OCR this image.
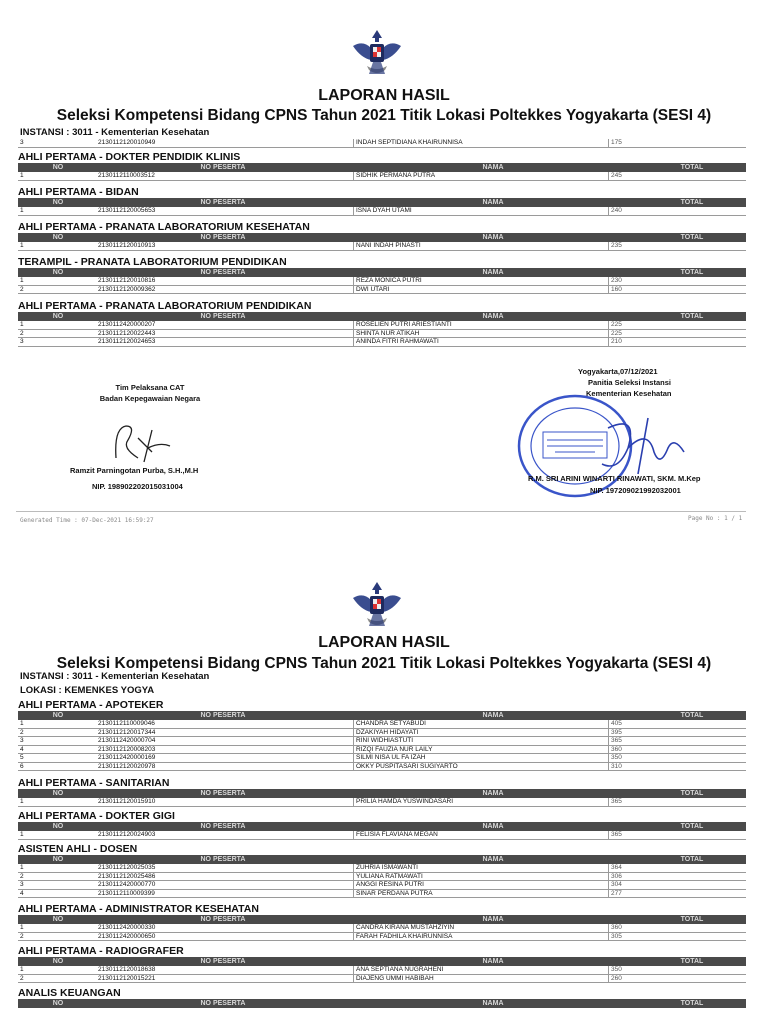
LAPORAN HASIL
Seleksi Kompetensi Bidang CPNS Tahun 2021 Titik Lokasi Poltekkes Yogyakarta (SESI 4)
INSTANSI : 3011 - Kementerian Kesehatan
3	2130112120010949	INDAH SEPTIDIANA KHAIRUNNISA	175
Tim Pelaksana CAT
Badan Kepegawaian Negara
Ramzit Parningotan Purba, S.H.,M.H
NIP. 198902202015031004
Yogyakarta,07/12/2021
Panitia Seleksi Instansi
Kementerian Kesehatan
R.M. SRI ARINI WINARTI RINAWATI, SKM. M.Kep
NIP. 197209021992032001
Generated Time : 07-Dec-2021 16:59:27	Page No : 1 / 1
AHLI PERTAMA - DOKTER PENDIDIK KLINIS
NO	NO PESERTA	NAMA	TOTAL
1	2130112110003512	SIDHIK PERMANA PUTRA	245
AHLI PERTAMA - BIDAN
NO	NO PESERTA	NAMA	TOTAL
1	2130112120005653	ISNA DYAH UTAMI	240
AHLI PERTAMA - PRANATA LABORATORIUM KESEHATAN
NO	NO PESERTA	NAMA	TOTAL
1	2130112120010913	NANI INDAH PINASTI	235
TERAMPIL - PRANATA LABORATORIUM PENDIDIKAN
NO	NO PESERTA	NAMA	TOTAL
1	2130112120010816	REZA MONICA PUTRI	230
2	2130112120009362	DWI UTARI	160
AHLI PERTAMA - PRANATA LABORATORIUM PENDIDIKAN
NO	NO PESERTA	NAMA	TOTAL
1	2130112420000207	ROSELIEN PUTRI ARIESTIANTI	225
2	2130112120022443	SHINTA NUR ATIKAH	225
3	2130112120024653	ANINDA FITRI RAHMAWATI	210
LAPORAN HASIL
Seleksi Kompetensi Bidang CPNS Tahun 2021 Titik Lokasi Poltekkes Yogyakarta (SESI 4)
INSTANSI : 3011 - Kementerian Kesehatan
LOKASI : KEMENKES YOGYA
AHLI PERTAMA - APOTEKER
NO	NO PESERTA	NAMA	TOTAL
1	2130112110009046	CHANDRA SETYABUDI	405
2	2130112120017344	DZAKIYAH HIDAYATI	395
3	2130112420000704	RINI WIDHIASTUTI	365
4	2130112120008203	RIZQI FAUZIA NUR LAILY	360
5	2130112420000169	SILMI NISA UL FA IZAH	350
6	2130112120020978	OKKY PUSPITASARI SUGIYARTO	310
AHLI PERTAMA - SANITARIAN
NO	NO PESERTA	NAMA	TOTAL
1	2130112120015910	PRILIA HAMDA YUSWINDASARI	365
AHLI PERTAMA - DOKTER GIGI
NO	NO PESERTA	NAMA	TOTAL
1	2130112120024903	FELISIA FLAVIANA MEGAN	365
ASISTEN AHLI - DOSEN
NO	NO PESERTA	NAMA	TOTAL
1	2130112120025035	ZUHRIA ISMAWANTI	364
2	2130112120025486	YULIANA RATMAWATI	306
3	2130112420000770	ANGGI RESINA PUTRI	304
4	2130112110009399	SINAR PERDANA PUTRA	277
AHLI PERTAMA - ADMINISTRATOR KESEHATAN
NO	NO PESERTA	NAMA	TOTAL
1	2130112420000330	CANDRA KIRANA MUSTAHZIYIN	360
2	2130112420000650	FARAH FADHILA KHAIRUNNISA	305
AHLI PERTAMA - RADIOGRAFER
NO	NO PESERTA	NAMA	TOTAL
1	2130112120018638	ANA SEPTIANA NUGRAHENI	350
2	2130112120015221	DIAJENG UMMI HABIBAH	260
ANALIS KEUANGAN
NO	NO PESERTA	NAMA	TOTAL
